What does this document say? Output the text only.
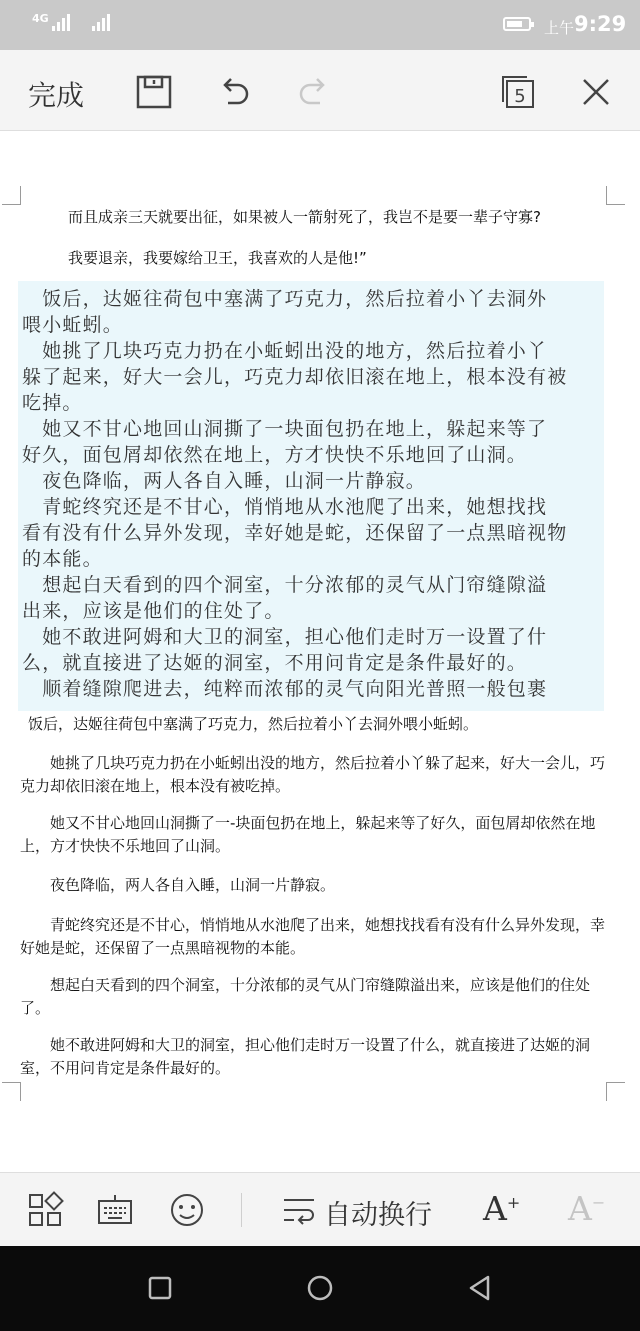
4G
上午 9:29
完成	5
而且成亲三天就要出征，如果被人一箭射死了，我岂不是要一辈子守寡?
我要退亲，我要嫁给卫王，我喜欢的人是他!”
　饭后，达姬往荷包中塞满了巧克力，然后拉着小丫去洞外
喂小蚯蚓。
　她挑了几块巧克力扔在小蚯蚓出没的地方，然后拉着小丫
躲了起来，好大一会儿，巧克力却依旧滚在地上，根本没有被
吃掉。
　她又不甘心地回山洞撕了一块面包扔在地上，躲起来等了
好久，面包屑却依然在地上，方才快快不乐地回了山洞。
　夜色降临，两人各自入睡，山洞一片静寂。
　青蛇终究还是不甘心，悄悄地从水池爬了出来，她想找找
看有没有什么异外发现，幸好她是蛇，还保留了一点黑暗视物
的本能。
　想起白天看到的四个洞室，十分浓郁的灵气从门帘缝隙溢
出来，应该是他们的住处了。
　她不敢进阿姆和大卫的洞室，担心他们走时万一设置了什
么，就直接进了达姬的洞室，不用问肯定是条件最好的。
　顺着缝隙爬进去，纯粹而浓郁的灵气向阳光普照一般包裹
饭后，达姬往荷包中塞满了巧克力，然后拉着小丫去洞外喂小蚯蚓。
她挑了几块巧克力扔在小蚯蚓出没的地方，然后拉着小丫躲了起来，好大一会儿，巧克力却依旧滚在地上，根本没有被吃掉。
她又不甘心地回山洞撕了一-块面包扔在地上，躲起来等了好久，面包屑却依然在地上，方才快快不乐地回了山洞。
夜色降临，两人各自入睡，山洞一片静寂。
青蛇终究还是不甘心，悄悄地从水池爬了出来，她想找找看有没有什么异外发现，幸好她是蛇，还保留了一点黑暗视物的本能。
想起白天看到的四个洞室，十分浓郁的灵气从门帘缝隙溢出来，应该是他们的住处了。
她不敢进阿姆和大卫的洞室，担心他们走时万一设置了什么，就直接进了达姬的洞室，不用问肯定是条件最好的。
自动换行 A+ A−
